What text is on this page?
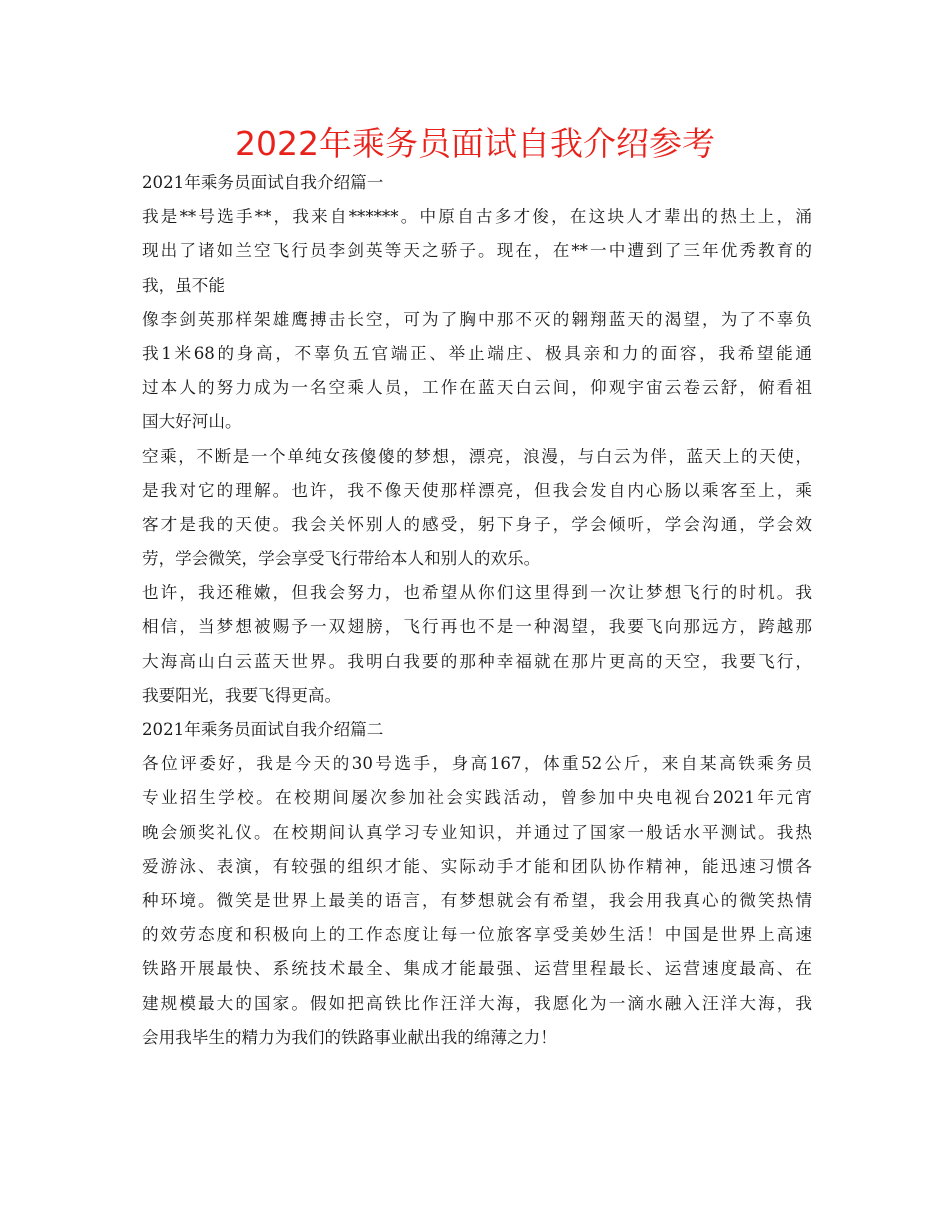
2022年乘务员面试自我介绍参考
2021年乘务员面试自我介绍篇一
我是**号选手**，我来自******。中原自古多才俊，在这块人才辈出的热土上，涌
现出了诸如兰空飞行员李剑英等天之骄子。现在，在**一中遭到了三年优秀教育的
我，虽不能
像李剑英那样架雄鹰搏击长空，可为了胸中那不灭的翱翔蓝天的渴望，为了不辜负
我1米68的身高，不辜负五官端正、举止端庄、极具亲和力的面容，我希望能通
过本人的努力成为一名空乘人员，工作在蓝天白云间，仰观宇宙云卷云舒，俯看祖
国大好河山。
空乘，不断是一个单纯女孩傻傻的梦想，漂亮，浪漫，与白云为伴，蓝天上的天使，
是我对它的理解。也许，我不像天使那样漂亮，但我会发自内心肠以乘客至上，乘
客才是我的天使。我会关怀别人的感受，躬下身子，学会倾听，学会沟通，学会效
劳，学会微笑，学会享受飞行带给本人和别人的欢乐。
也许，我还稚嫩，但我会努力，也希望从你们这里得到一次让梦想飞行的时机。我
相信，当梦想被赐予一双翅膀，飞行再也不是一种渴望，我要飞向那远方，跨越那
大海高山白云蓝天世界。我明白我要的那种幸福就在那片更高的天空，我要飞行，
我要阳光，我要飞得更高。
2021年乘务员面试自我介绍篇二
各位评委好，我是今天的30号选手，身高167，体重52公斤，来自某高铁乘务员
专业招生学校。在校期间屡次参加社会实践活动，曾参加中央电视台2021年元宵
晚会颁奖礼仪。在校期间认真学习专业知识，并通过了国家一般话水平测试。我热
爱游泳、表演，有较强的组织才能、实际动手才能和团队协作精神，能迅速习惯各
种环境。微笑是世界上最美的语言，有梦想就会有希望，我会用我真心的微笑热情
的效劳态度和积极向上的工作态度让每一位旅客享受美妙生活！中国是世界上高速
铁路开展最快、系统技术最全、集成才能最强、运营里程最长、运营速度最高、在
建规模最大的国家。假如把高铁比作汪洋大海，我愿化为一滴水融入汪洋大海，我
会用我毕生的精力为我们的铁路事业献出我的绵薄之力！
